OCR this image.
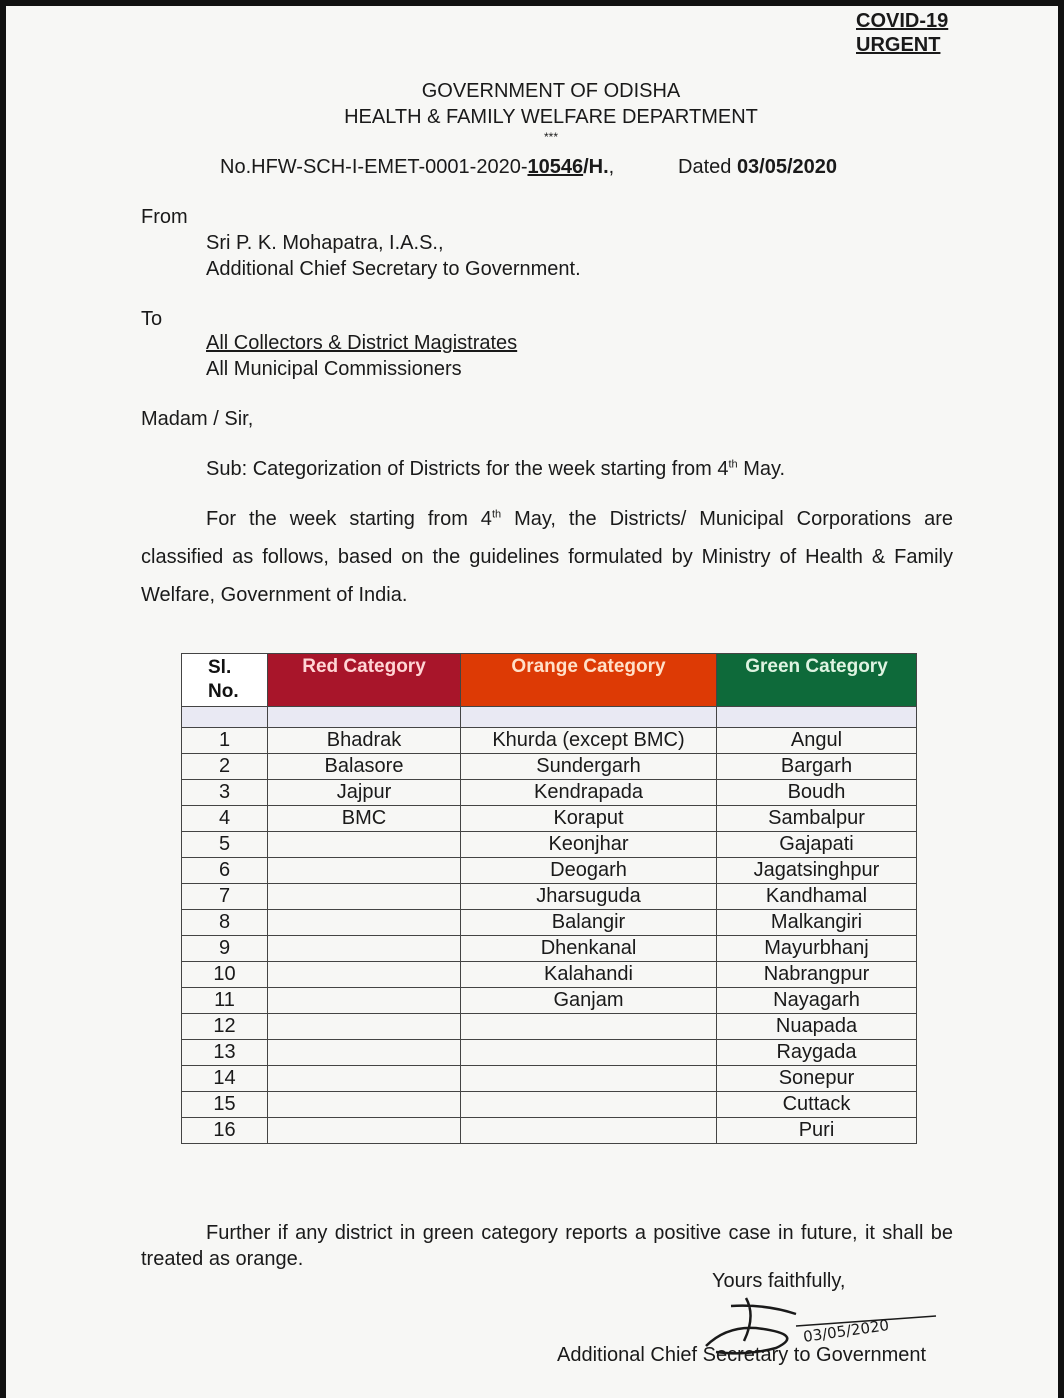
COVID-19
URGENT
GOVERNMENT OF ODISHA
HEALTH & FAMILY WELFARE DEPARTMENT
***
No.HFW-SCH-I-EMET-0001-2020-10546/H.,	Dated 03/05/2020
From
Sri P. K. Mohapatra, I.A.S.,
Additional Chief Secretary to Government.
To
All Collectors & District Magistrates
All Municipal Commissioners
Madam / Sir,
Sub: Categorization of Districts for the week starting from 4th May.
For the week starting from 4th May, the Districts/ Municipal Corporations are classified as follows, based on the guidelines formulated by Ministry of Health & Family Welfare, Government of India.
Sl.
No.	Red Category	Orange Category	Green Category

1	Bhadrak	Khurda (except BMC)	Angul
2	Balasore	Sundergarh	Bargarh
3	Jajpur	Kendrapada	Boudh
4	BMC	Koraput	Sambalpur
5		Keonjhar	Gajapati
6		Deogarh	Jagatsinghpur
7		Jharsuguda	Kandhamal
8		Balangir	Malkangiri
9		Dhenkanal	Mayurbhanj
10		Kalahandi	Nabrangpur
11		Ganjam	Nayagarh
12			Nuapada
13			Raygada
14			Sonepur
15			Cuttack
16			Puri
Further if any district in green category reports a positive case in future, it shall be treated as orange.
Yours faithfully,
03/05/2020
Additional Chief Secretary to Government
